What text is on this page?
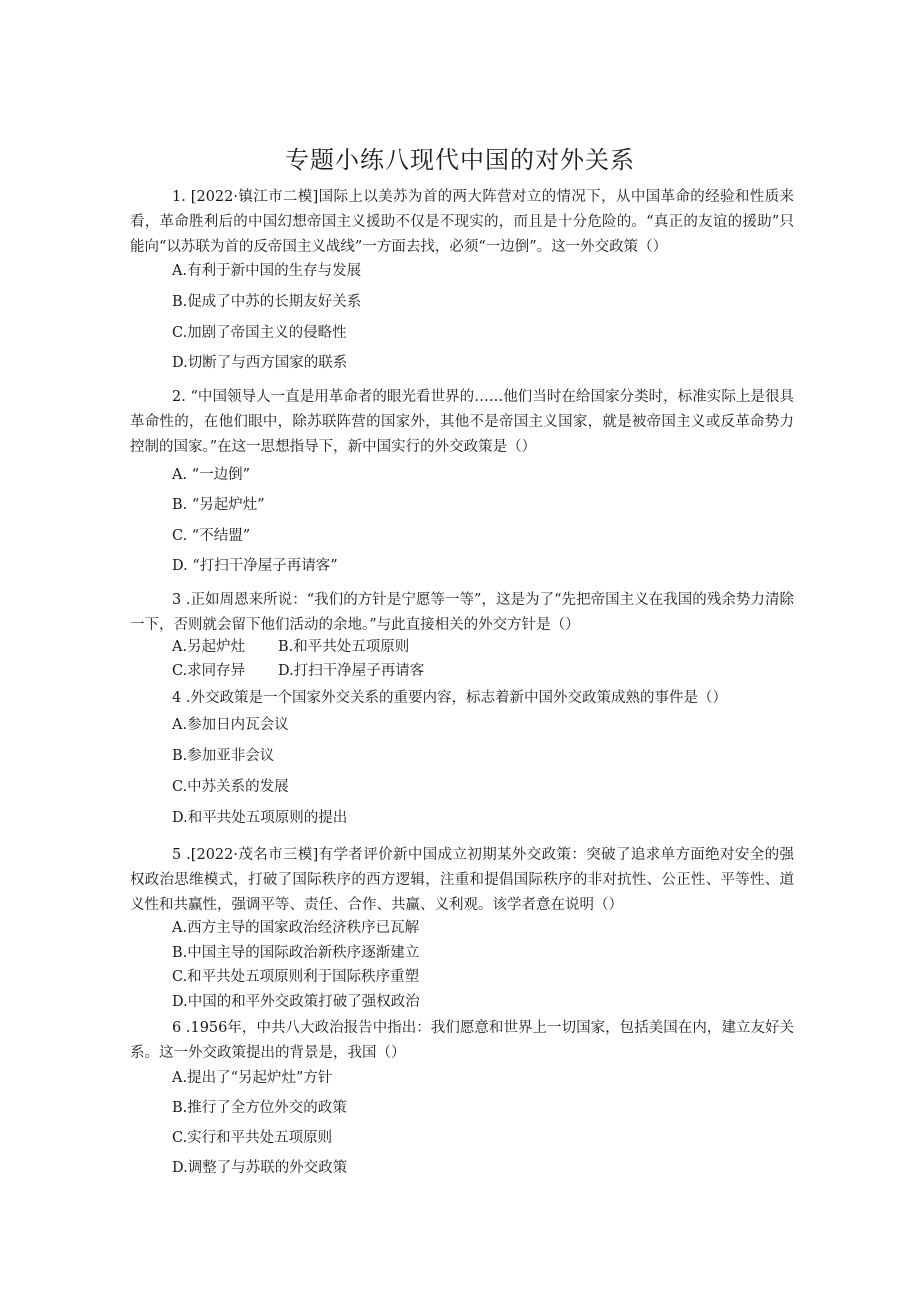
专题小练八现代中国的对外关系
1. [2022·镇江市二模]国际上以美苏为首的两大阵营对立的情况下，从中国革命的经验和性质来看，革命胜利后的中国幻想帝国主义援助不仅是不现实的，而且是十分危险的。“真正的友谊的援助”只能向“以苏联为首的反帝国主义战线”一方面去找，必须“一边倒”。这一外交政策（）
A.有利于新中国的生存与发展
B.促成了中苏的长期友好关系
C.加剧了帝国主义的侵略性
D.切断了与西方国家的联系
2. “中国领导人一直是用革命者的眼光看世界的……他们当时在给国家分类时，标准实际上是很具革命性的，在他们眼中，除苏联阵营的国家外，其他不是帝国主义国家，就是被帝国主义或反革命势力控制的国家。”在这一思想指导下，新中国实行的外交政策是（）
A. “一边倒”
B. “另起炉灶”
C. “不结盟”
D. “打扫干净屋子再请客”
3 .正如周恩来所说：“我们的方针是宁愿等一等”，这是为了“先把帝国主义在我国的残余势力清除一下，否则就会留下他们活动的余地。”与此直接相关的外交方针是（）
A.另起炉灶 B.和平共处五项原则
C.求同存异 D.打扫干净屋子再请客
4 .外交政策是一个国家外交关系的重要内容，标志着新中国外交政策成熟的事件是（）
A.参加日内瓦会议
B.参加亚非会议
C.中苏关系的发展
D.和平共处五项原则的提出
5 .[2022·茂名市三模]有学者评价新中国成立初期某外交政策：突破了追求单方面绝对安全的强权政治思维模式，打破了国际秩序的西方逻辑，注重和提倡国际秩序的非对抗性、公正性、平等性、道义性和共赢性，强调平等、责任、合作、共赢、义利观。该学者意在说明（）
A.西方主导的国家政治经济秩序已瓦解
B.中国主导的国际政治新秩序逐渐建立
C.和平共处五项原则利于国际秩序重塑
D.中国的和平外交政策打破了强权政治
6 .1956年，中共八大政治报告中指出：我们愿意和世界上一切国家，包括美国在内，建立友好关系。这一外交政策提出的背景是，我国（）
A.提出了“另起炉灶”方针
B.推行了全方位外交的政策
C.实行和平共处五项原则
D.调整了与苏联的外交政策
